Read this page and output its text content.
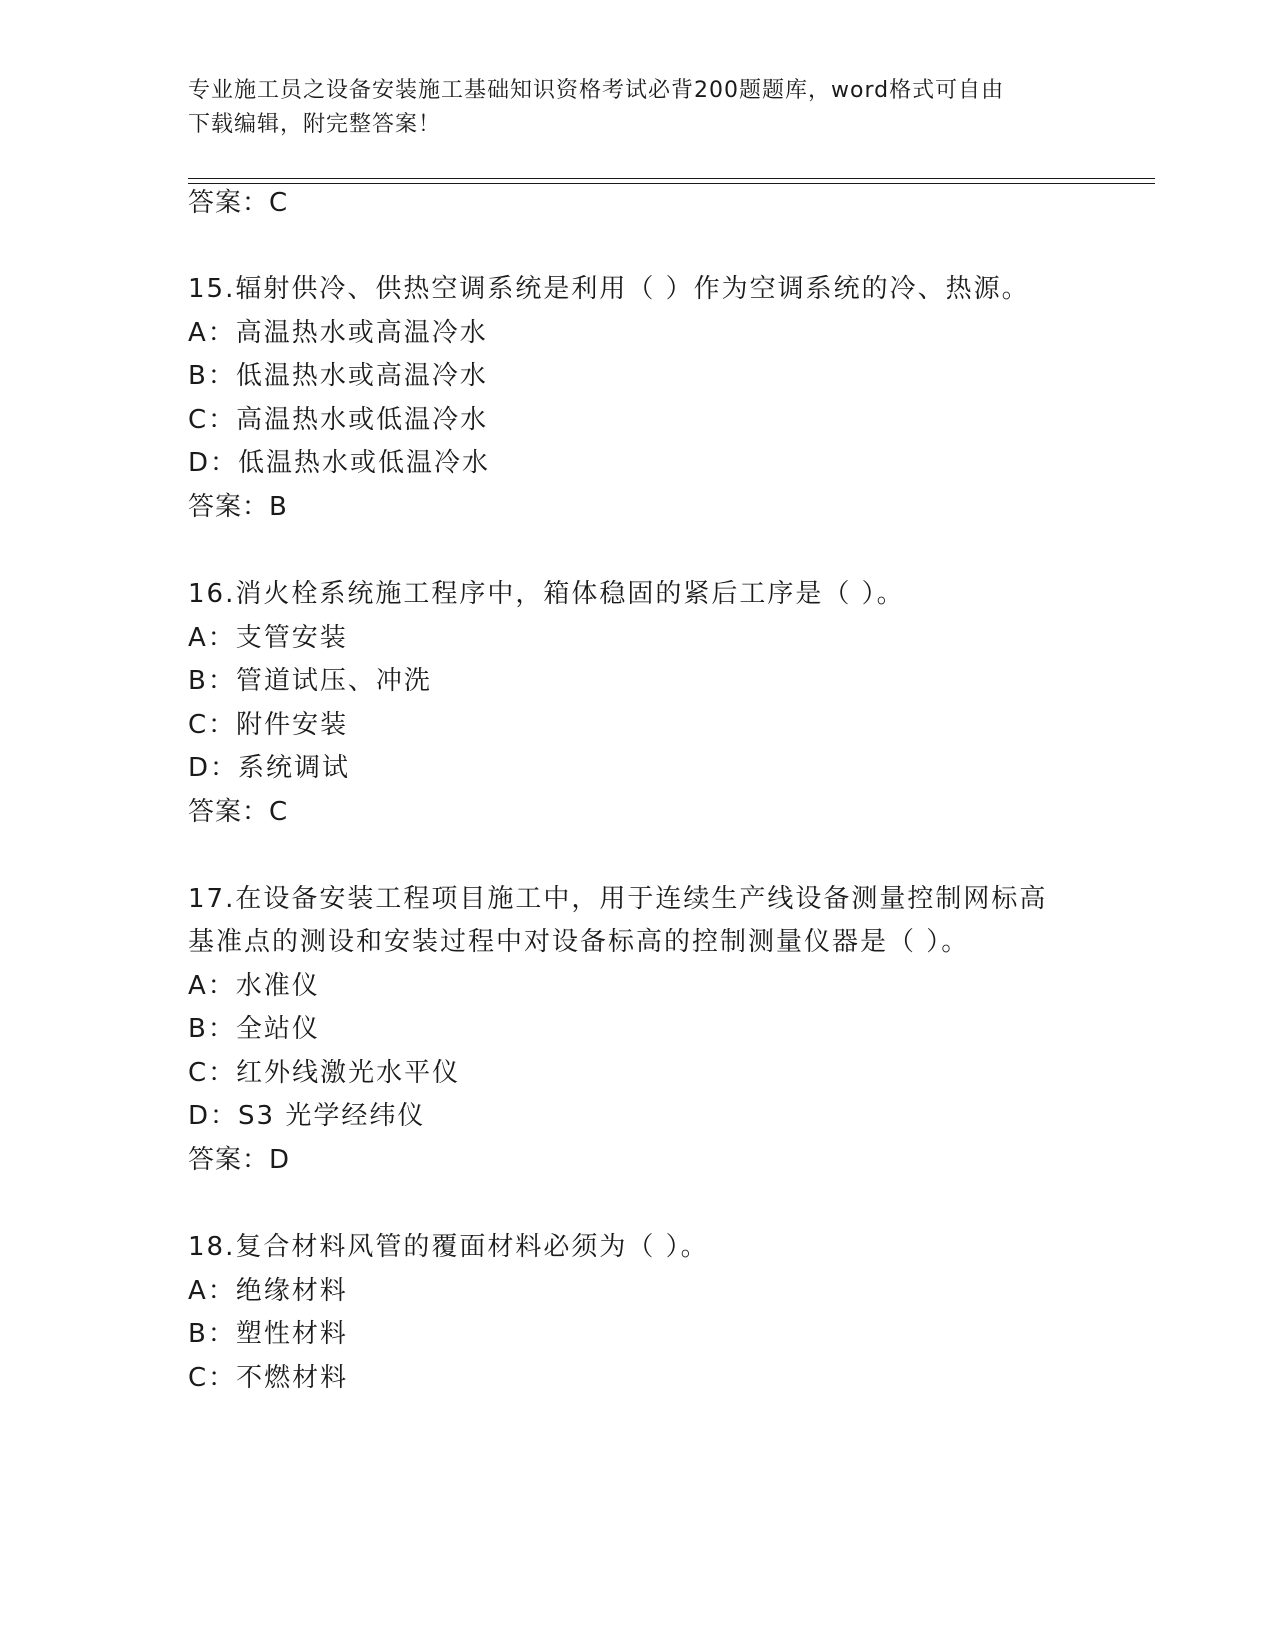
专业施工员之设备安装施工基础知识资格考试必背200题题库，word格式可自由
下载编辑，附完整答案！
答案：C
15.辐射供冷、供热空调系统是利用（ ）作为空调系统的冷、热源。
A：高温热水或高温冷水
B：低温热水或高温冷水
C：高温热水或低温冷水
D：低温热水或低温冷水
答案：B
16.消火栓系统施工程序中，箱体稳固的紧后工序是（ ）。
A：支管安装
B：管道试压、冲洗
C：附件安装
D：系统调试
答案：C
17.在设备安装工程项目施工中，用于连续生产线设备测量控制网标高
基准点的测设和安装过程中对设备标高的控制测量仪器是（ ）。
A：水准仪
B：全站仪
C：红外线激光水平仪
D：S3 光学经纬仪
答案：D
18.复合材料风管的覆面材料必须为（ ）。
A：绝缘材料
B：塑性材料
C：不燃材料
